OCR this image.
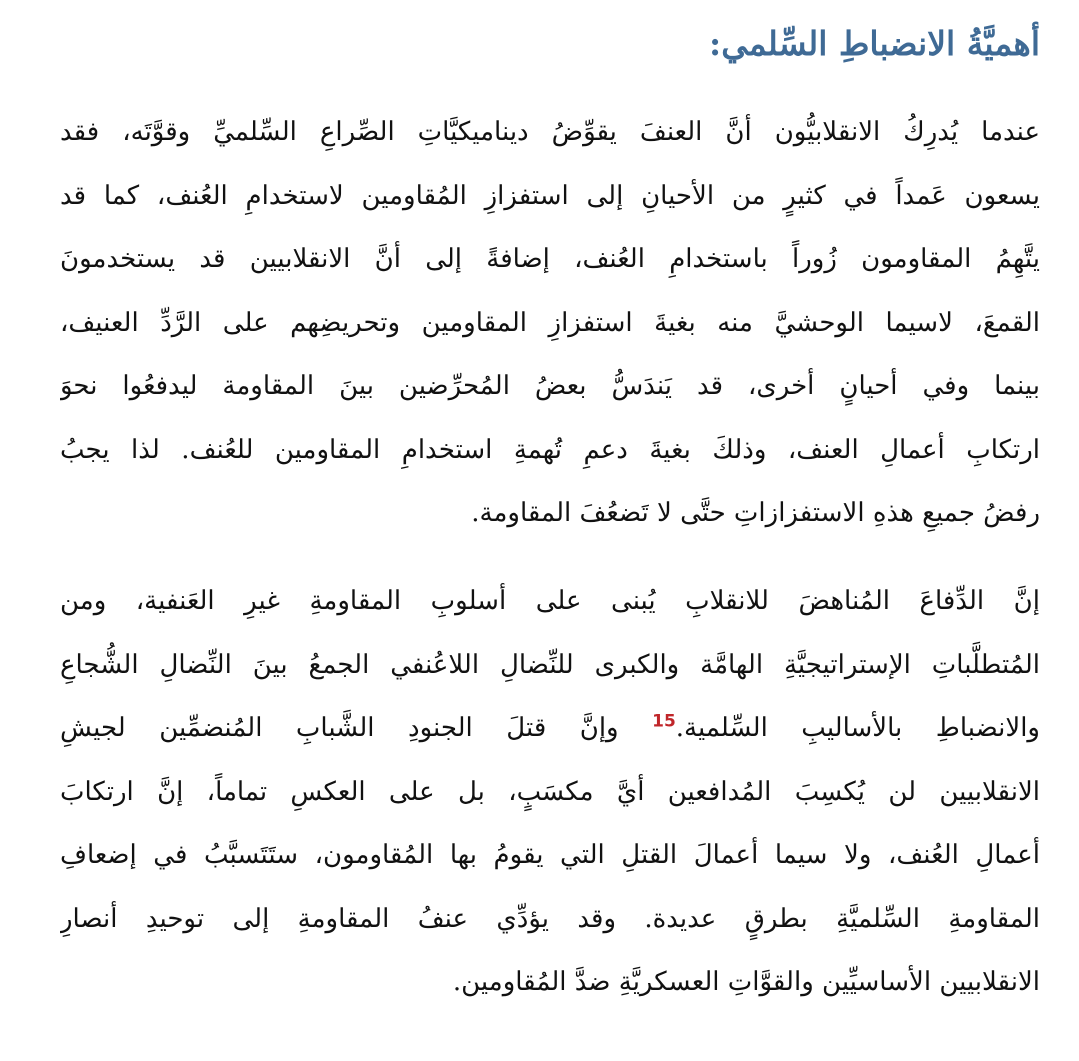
أهميَّةُ الانضباطِ السِّلمي:
عندما يُدرِكُ الانقلابيُّون أنَّ العنفَ يقوِّضُ ديناميكيَّاتِ الصِّراعِ السِّلميِّ وقوَّتَه، فقد
يسعون عَمداً في كثيرٍ من الأحيانِ إلى استفزازِ المُقاومين لاستخدامِ العُنف، كما قد
يتَّهِمُ المقاومون زُوراً باستخدامِ العُنف، إضافةً إلى أنَّ الانقلابيين قد يستخدمونَ
القمعَ، لاسيما الوحشيَّ منه بغيةَ استفزازِ المقاومين وتحريضِهم على الرَّدِّ العنيف،
بينما وفي أحيانٍ أخرى، قد يَندَسُّ بعضُ المُحرِّضين بينَ المقاومة ليدفعُوا نحوَ
ارتكابِ أعمالِ العنف، وذلكَ بغيةَ دعمِ تُهمةِ استخدامِ المقاومين للعُنف. لذا يجبُ
رفضُ جميعِ هذهِ الاستفزازاتِ حتَّى لا تَضعُفَ المقاومة.
إنَّ الدِّفاعَ المُناهضَ للانقلابِ يُبنى على أسلوبِ المقاومةِ غيرِ العَنفية، ومن
المُتطلَّباتِ الإستراتيجيَّةِ الهامَّة والكبرى للنِّضالِ اللاعُنفي الجمعُ بينَ النِّضالِ الشُّجاعِ
والانضباطِ بالأساليبِ السِّلمية.$^{15}$ وإنَّ قتلَ الجنودِ الشَّبابِ المُنضمِّين لجيشِ
الانقلابيين لن يُكسِبَ المُدافعين أيَّ مكسَبٍ، بل على العكسِ تماماً، إنَّ ارتكابَ
أعمالِ العُنف، ولا سيما أعمالَ القتلِ التي يقومُ بها المُقاومون، ستَتَسبَّبُ في إضعافِ
المقاومةِ السِّلميَّةِ بطرقٍ عديدة. وقد يؤدِّي عنفُ المقاومةِ إلى توحيدِ أنصارِ
الانقلابيين الأساسيِّين والقوَّاتِ العسكريَّةِ ضدَّ المُقاومين.
